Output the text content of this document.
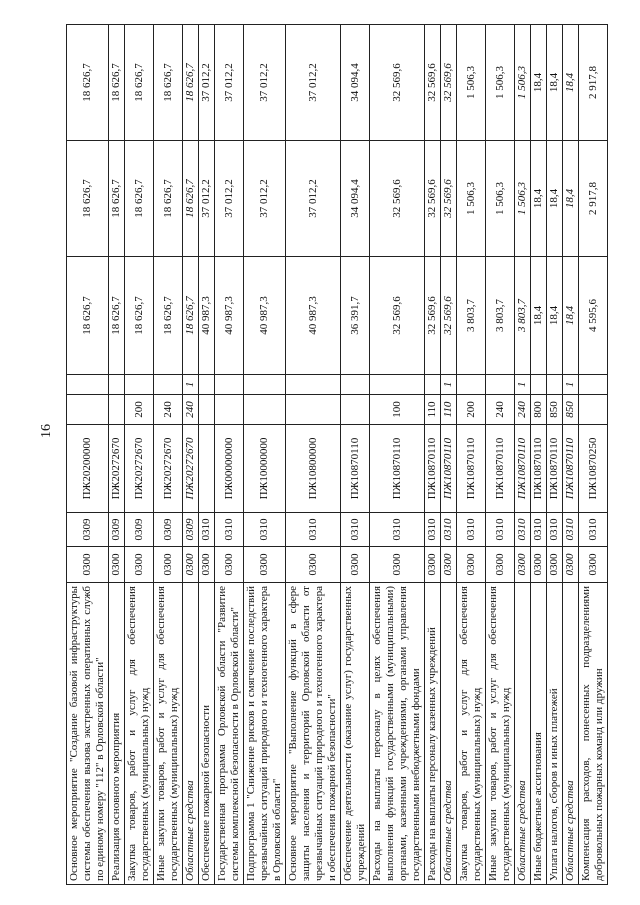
16
Основное мероприятие "Создание базовой инфраструктуры системы обеспечения вызова экстренных оперативных служб по единому номеру "112" в Орловской области"	0300	0309	ПЖ20200000			18 626,7	18 626,7	18 626,7
Реализация основного мероприятия	0300	0309	ПЖ20272670			18 626,7	18 626,7	18 626,7
Закупка товаров, работ и услуг для обеспечения государственных (муниципальных) нужд	0300	0309	ПЖ20272670	200		18 626,7	18 626,7	18 626,7
Иные закупки товаров, работ и услуг для обеспечения государственных (муниципальных) нужд	0300	0309	ПЖ20272670	240		18 626,7	18 626,7	18 626,7
Областные средства	0300	0309	ПЖ20272670	240	1	18 626,7	18 626,7	18 626,7
Обеспечение пожарной безопасности	0300	0310				40 987,3	37 012,2	37 012,2
Государственная программа Орловской области "Развитие системы комплексной безопасности в Орловской области"	0300	0310	ПЖ00000000			40 987,3	37 012,2	37 012,2
Подпрограмма 1 "Снижение рисков и смягчение последствий чрезвычайных ситуаций природного и техногенного характера в Орловской области"	0300	0310	ПЖ10000000			40 987,3	37 012,2	37 012,2
Основное мероприятие "Выполнение функций в сфере защиты населения и территорий Орловской области от чрезвычайных ситуаций природного и техногенного характера и обеспечения пожарной безопасности"	0300	0310	ПЖ10800000			40 987,3	37 012,2	37 012,2
Обеспечение деятельности (оказание услуг) государственных учреждений	0300	0310	ПЖ10870110			36 391,7	34 094,4	34 094,4
Расходы на выплаты персоналу в целях обеспечения выполнения функций государственными (муниципальными) органами, казенными учреждениями, органами управления государственными внебюджетными фондами	0300	0310	ПЖ10870110	100		32 569,6	32 569,6	32 569,6
Расходы на выплаты персоналу казенных учреждений	0300	0310	ПЖ10870110	110		32 569,6	32 569,6	32 569,6
Областные средства	0300	0310	ПЖ10870110	110	1	32 569,6	32 569,6	32 569,6
Закупка товаров, работ и услуг для обеспечения государственных (муниципальных) нужд	0300	0310	ПЖ10870110	200		3 803,7	1 506,3	1 506,3
Иные закупки товаров, работ и услуг для обеспечения государственных (муниципальных) нужд	0300	0310	ПЖ10870110	240		3 803,7	1 506,3	1 506,3
Областные средства	0300	0310	ПЖ10870110	240	1	3 803,7	1 506,3	1 506,3
Иные бюджетные ассигнования	0300	0310	ПЖ10870110	800		18,4	18,4	18,4
Уплата налогов, сборов и иных платежей	0300	0310	ПЖ10870110	850		18,4	18,4	18,4
Областные средства	0300	0310	ПЖ10870110	850	1	18,4	18,4	18,4
Компенсация расходов, понесенных подразделениями добровольных пожарных команд или дружин	0300	0310	ПЖ10870250			4 595,6	2 917,8	2 917,8
